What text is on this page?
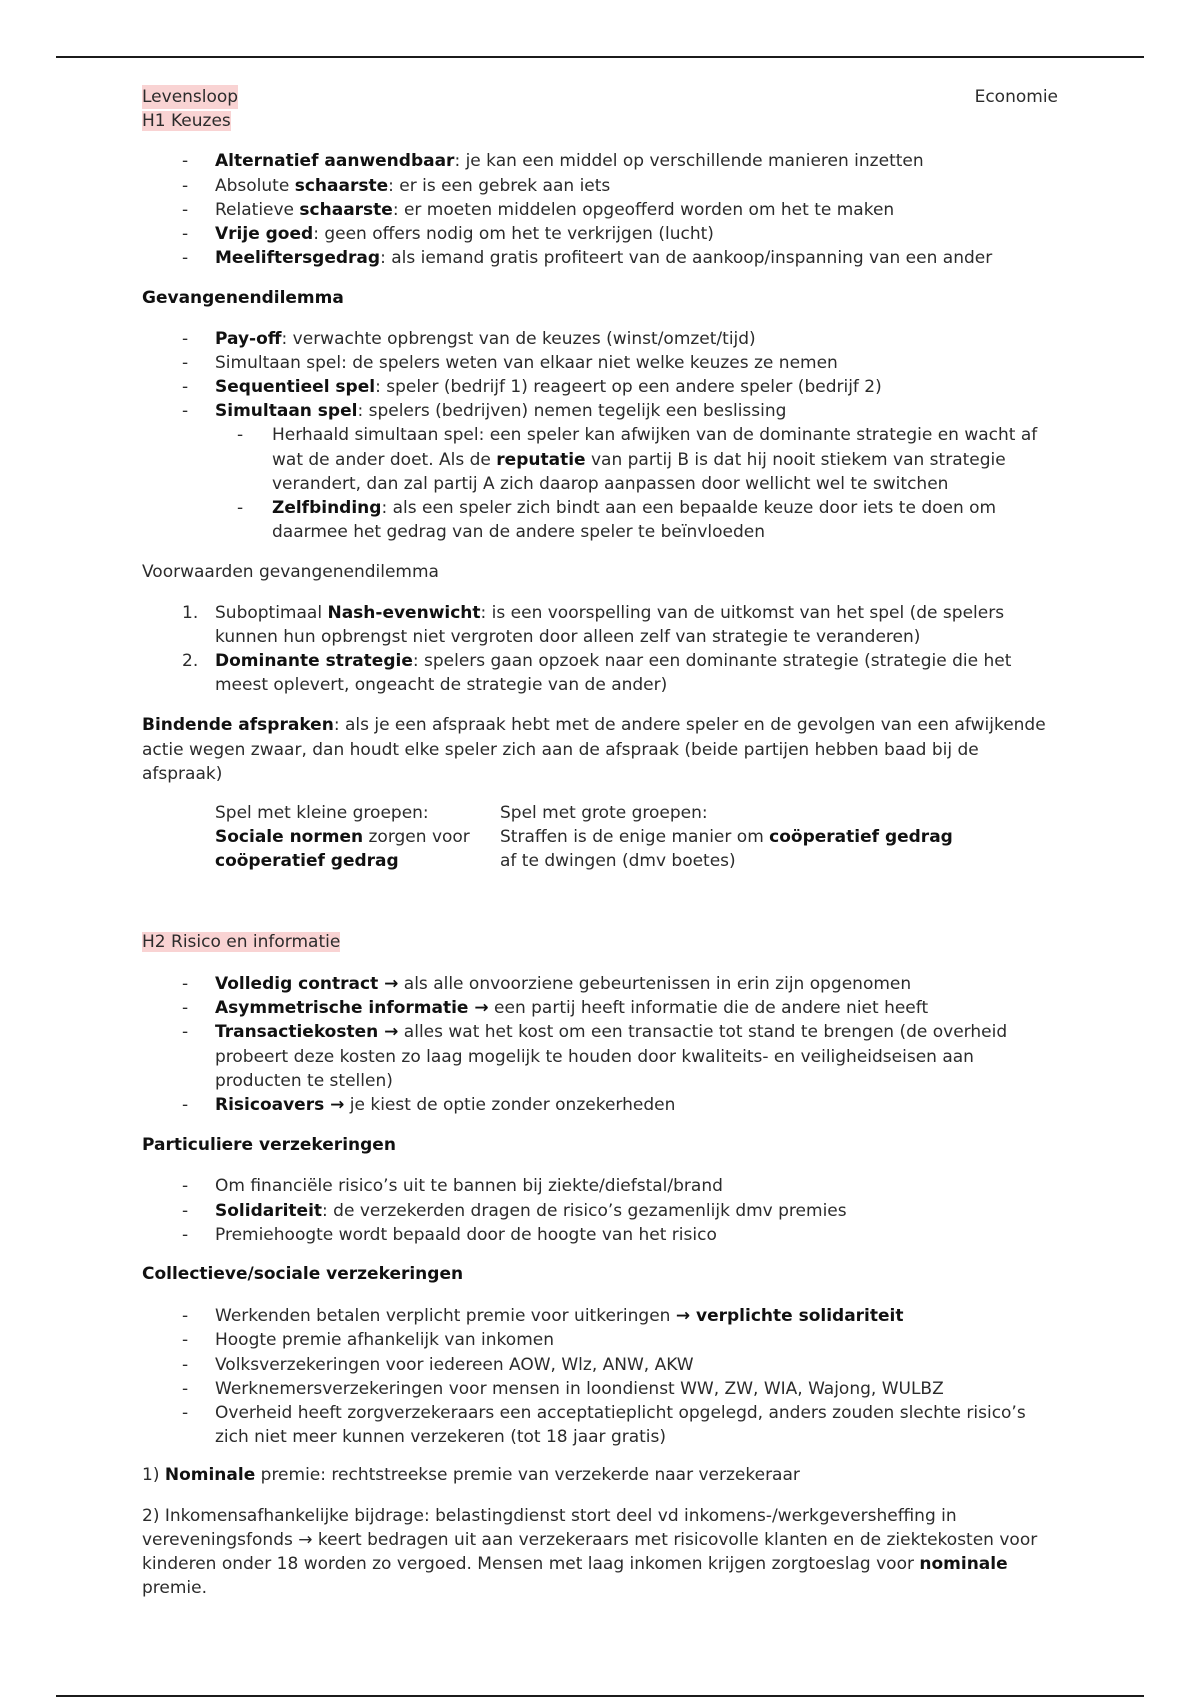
Levensloop	Economie
H1 Keuzes
- Alternatief aanwendbaar: je kan een middel op verschillende manieren inzetten
- Absolute schaarste: er is een gebrek aan iets
- Relatieve schaarste: er moeten middelen opgeofferd worden om het te maken
- Vrije goed: geen offers nodig om het te verkrijgen (lucht)
- Meeliftersgedrag: als iemand gratis profiteert van de aankoop/inspanning van een ander

Gevangenendilemma

- Pay-off: verwachte opbrengst van de keuzes (winst/omzet/tijd)
- Simultaan spel: de spelers weten van elkaar niet welke keuzes ze nemen
- Sequentieel spel: speler (bedrijf 1) reageert op een andere speler (bedrijf 2)
- Simultaan spel: spelers (bedrijven) nemen tegelijk een beslissing
- Herhaald simultaan spel: een speler kan afwijken van de dominante strategie en wacht af wat de ander doet. Als de reputatie van partij B is dat hij nooit stiekem van strategie verandert, dan zal partij A zich daarop aanpassen door wellicht wel te switchen
- Zelfbinding: als een speler zich bindt aan een bepaalde keuze door iets te doen om daarmee het gedrag van de andere speler te beïnvloeden

Voorwaarden gevangenendilemma

1. Suboptimaal Nash-evenwicht: is een voorspelling van de uitkomst van het spel (de spelers kunnen hun opbrengst niet vergroten door alleen zelf van strategie te veranderen)
2. Dominante strategie: spelers gaan opzoek naar een dominante strategie (strategie die het meest oplevert, ongeacht de strategie van de ander)

Bindende afspraken: als je een afspraak hebt met de andere speler en de gevolgen van een afwijkende actie wegen zwaar, dan houdt elke speler zich aan de afspraak (beide partijen hebben baad bij de afspraak)

Spel met kleine groepen:
Sociale normen zorgen voor coöperatief gedrag
Spel met grote groepen:
Straffen is de enige manier om coöperatief gedrag af te dwingen (dmv boetes)
H2 Risico en informatie
- Volledig contract → als alle onvoorziene gebeurtenissen in erin zijn opgenomen
- Asymmetrische informatie → een partij heeft informatie die de andere niet heeft
- Transactiekosten → alles wat het kost om een transactie tot stand te brengen (de overheid probeert deze kosten zo laag mogelijk te houden door kwaliteits- en veiligheidseisen aan producten te stellen)
- Risicoavers → je kiest de optie zonder onzekerheden

Particuliere verzekeringen

- Om financiële risico’s uit te bannen bij ziekte/diefstal/brand
- Solidariteit: de verzekerden dragen de risico’s gezamenlijk dmv premies
- Premiehoogte wordt bepaald door de hoogte van het risico

Collectieve/sociale verzekeringen

- Werkenden betalen verplicht premie voor uitkeringen → verplichte solidariteit
- Hoogte premie afhankelijk van inkomen
- Volksverzekeringen voor iedereen AOW, Wlz, ANW, AKW
- Werknemersverzekeringen voor mensen in loondienst WW, ZW, WIA, Wajong, WULBZ
- Overheid heeft zorgverzekeraars een acceptatieplicht opgelegd, anders zouden slechte risico’s zich niet meer kunnen verzekeren (tot 18 jaar gratis)

1) Nominale premie: rechtstreekse premie van verzekerde naar verzekeraar

2) Inkomensafhankelijke bijdrage: belastingdienst stort deel vd inkomens-/werkgeversheffing in vereveningsfonds → keert bedragen uit aan verzekeraars met risicovolle klanten en de ziektekosten voor kinderen onder 18 worden zo vergoed. Mensen met laag inkomen krijgen zorgtoeslag voor nominale premie.
